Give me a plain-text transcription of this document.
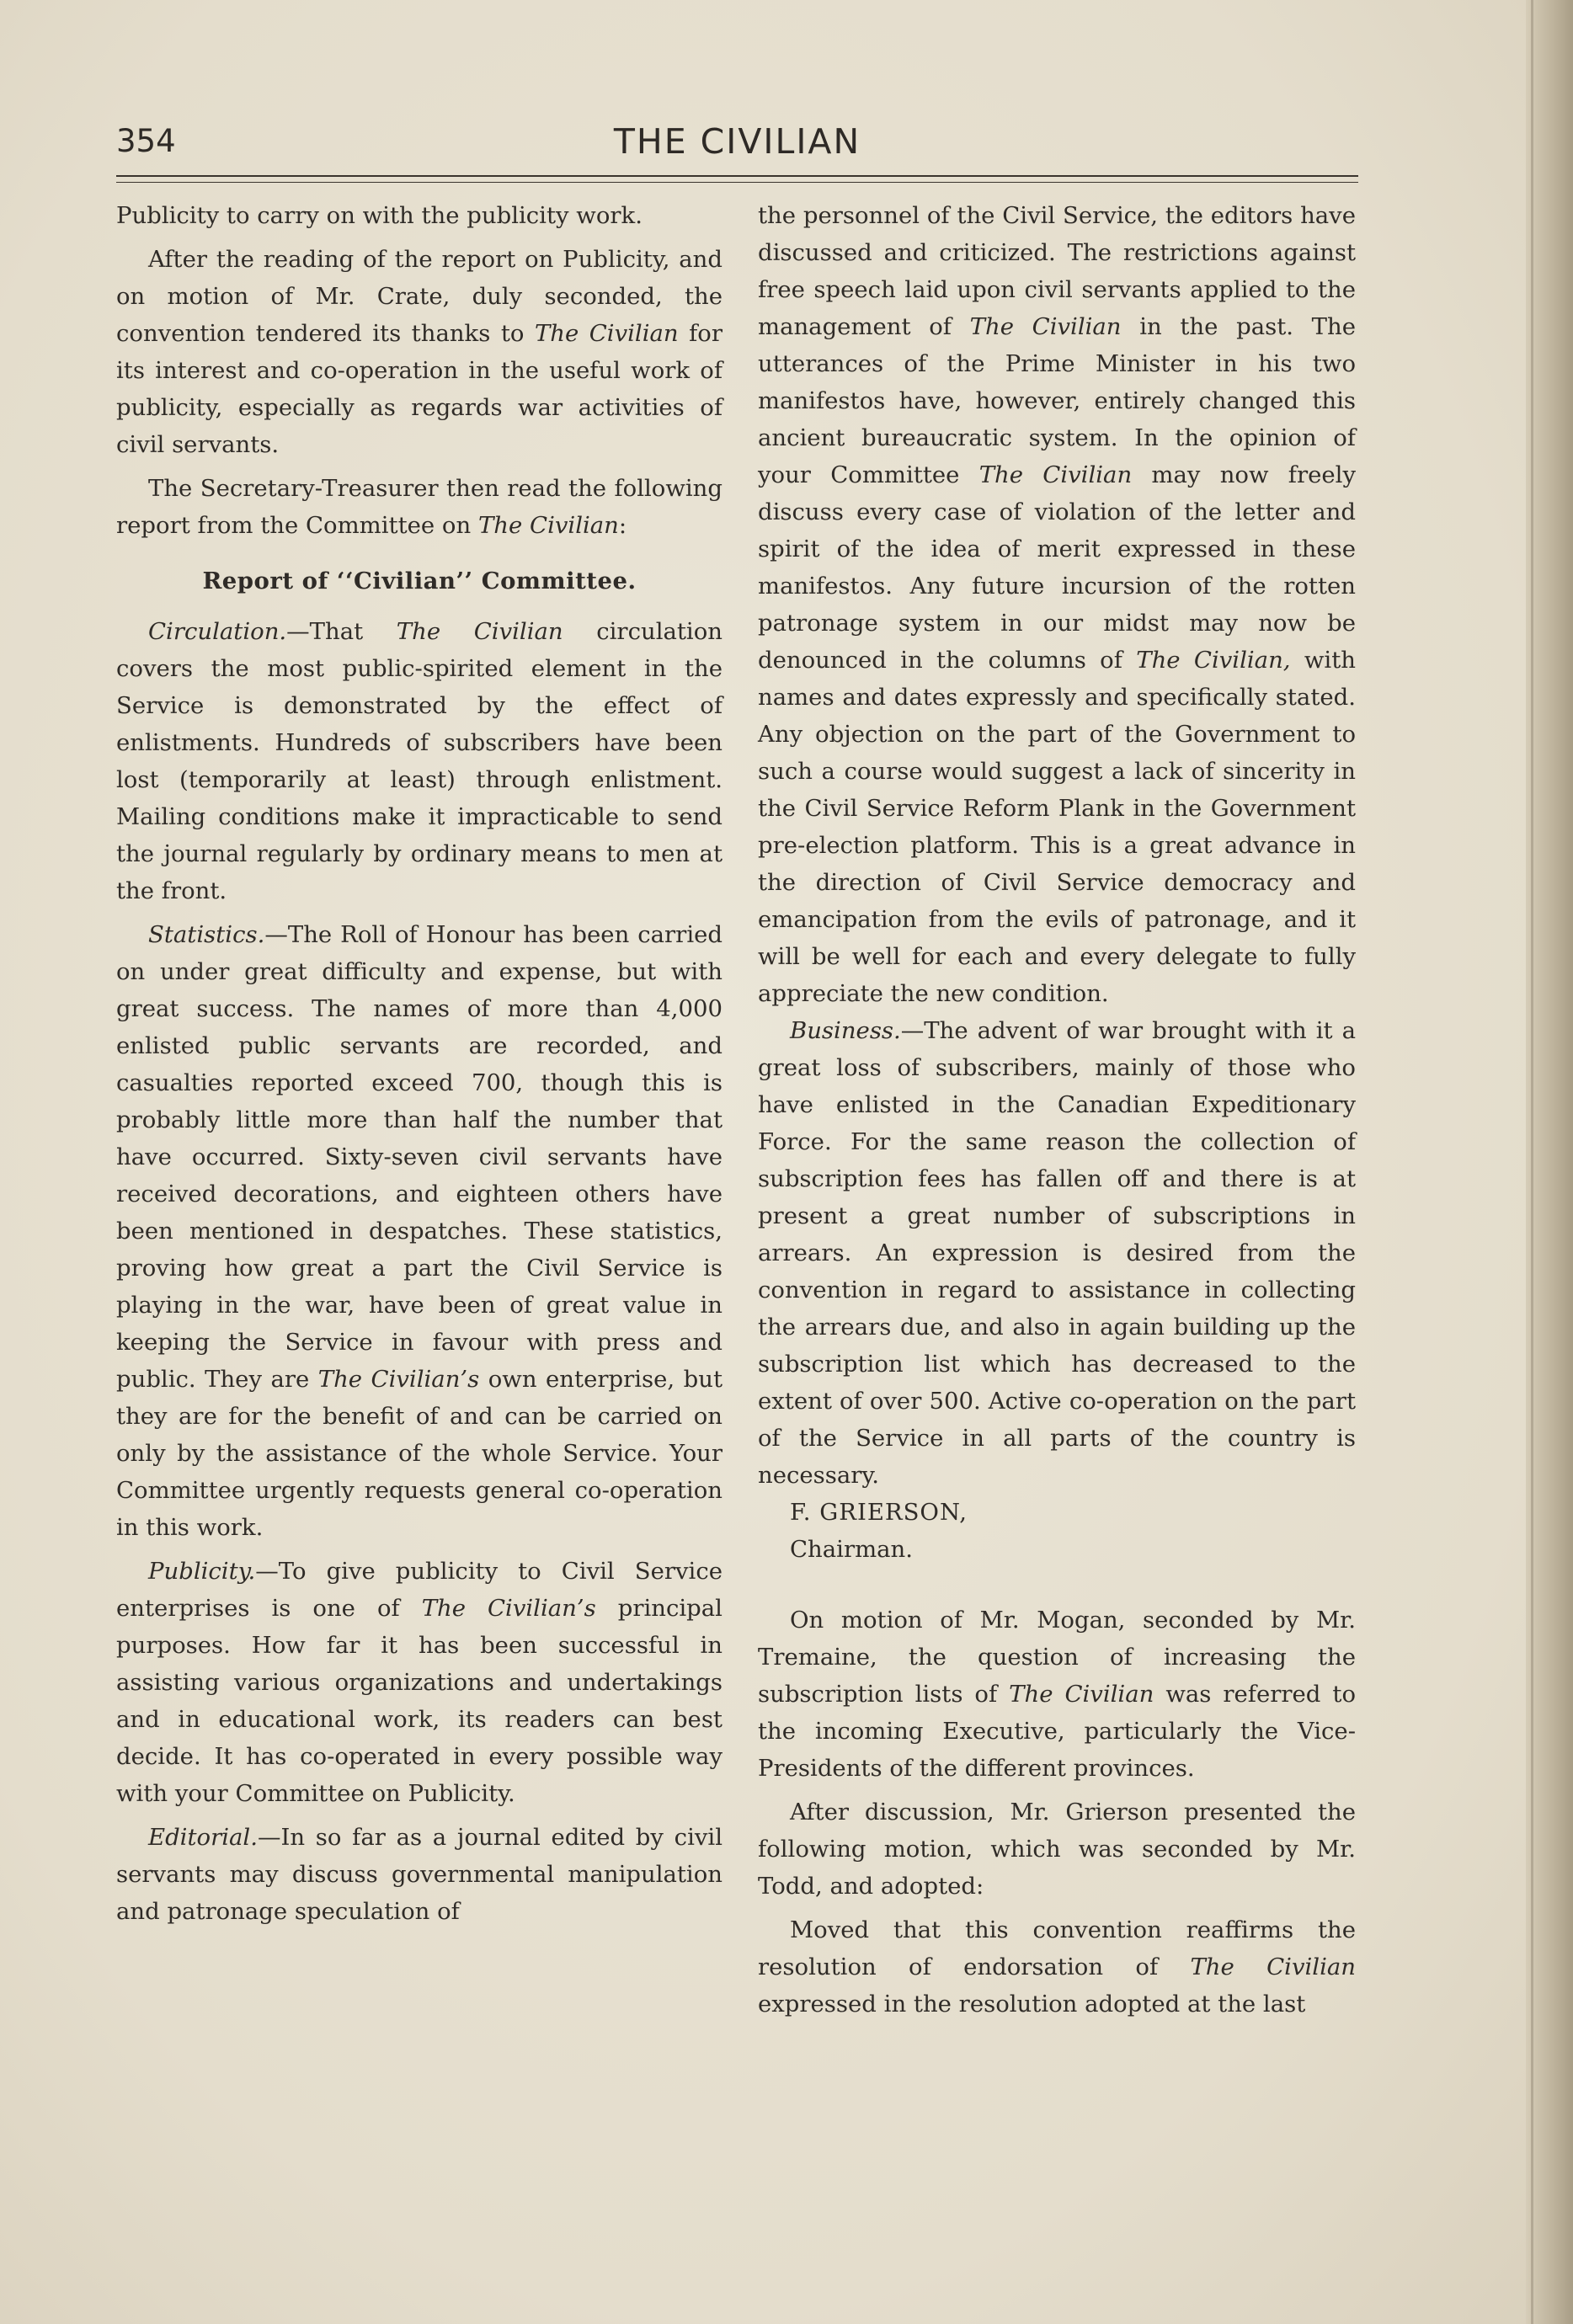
354	THE CIVILIAN

Publicity to carry on with the publicity work.

After the reading of the report on Publicity, and on motion of Mr. Crate, duly seconded, the convention tendered its thanks to The Civilian for its interest and co-operation in the useful work of publicity, especially as regards war activities of civil servants.

The Secretary-Treasurer then read the following report from the Committee on The Civilian:

Report of ‘‘Civilian’’ Committee.

Circulation.—That The Civilian circulation covers the most public-spirited element in the Service is demonstrated by the effect of enlistments. Hundreds of subscribers have been lost (temporarily at least) through enlistment. Mailing conditions make it impracticable to send the journal regularly by ordinary means to men at the front.

Statistics.—The Roll of Honour has been carried on under great difficulty and expense, but with great success. The names of more than 4,000 enlisted public servants are recorded, and casualties reported exceed 700, though this is probably little more than half the number that have occurred. Sixty-seven civil servants have received decorations, and eighteen others have been mentioned in despatches. These statistics, proving how great a part the Civil Service is playing in the war, have been of great value in keeping the Service in favour with press and public. They are The Civilian’s own enterprise, but they are for the benefit of and can be carried on only by the assistance of the whole Service. Your Committee urgently requests general co-operation in this work.

Publicity.—To give publicity to Civil Service enterprises is one of The Civilian’s principal purposes. How far it has been successful in assisting various organizations and undertakings and in educational work, its readers can best decide. It has co-operated in every possible way with your Committee on Publicity.

Editorial.—In so far as a journal edited by civil servants may discuss governmental manipulation and patronage speculation of

the personnel of the Civil Service, the editors have discussed and criticized. The restrictions against free speech laid upon civil servants applied to the management of The Civilian in the past. The utterances of the Prime Minister in his two manifestos have, however, entirely changed this ancient bureaucratic system. In the opinion of your Committee The Civilian may now freely discuss every case of violation of the letter and spirit of the idea of merit expressed in these manifestos. Any future incursion of the rotten patronage system in our midst may now be denounced in the columns of The Civilian, with names and dates expressly and specifically stated. Any objection on the part of the Government to such a course would suggest a lack of sincerity in the Civil Service Reform Plank in the Government pre-election platform. This is a great advance in the direction of Civil Service democracy and emancipation from the evils of patronage, and it will be well for each and every delegate to fully appreciate the new condition.

Business.—The advent of war brought with it a great loss of subscribers, mainly of those who have enlisted in the Canadian Expeditionary Force. For the same reason the collection of subscription fees has fallen off and there is at present a great number of subscriptions in arrears. An expression is desired from the convention in regard to assistance in collecting the arrears due, and also in again building up the subscription list which has decreased to the extent of over 500. Active co-operation on the part of the Service in all parts of the country is necessary.

F. GRIERSON,

Chairman.

On motion of Mr. Mogan, seconded by Mr. Tremaine, the question of increasing the subscription lists of The Civilian was referred to the incoming Executive, particularly the Vice-Presidents of the different provinces.

After discussion, Mr. Grierson presented the following motion, which was seconded by Mr. Todd, and adopted:

Moved that this convention reaffirms the resolution of endorsation of The Civilian expressed in the resolution adopted at the last
